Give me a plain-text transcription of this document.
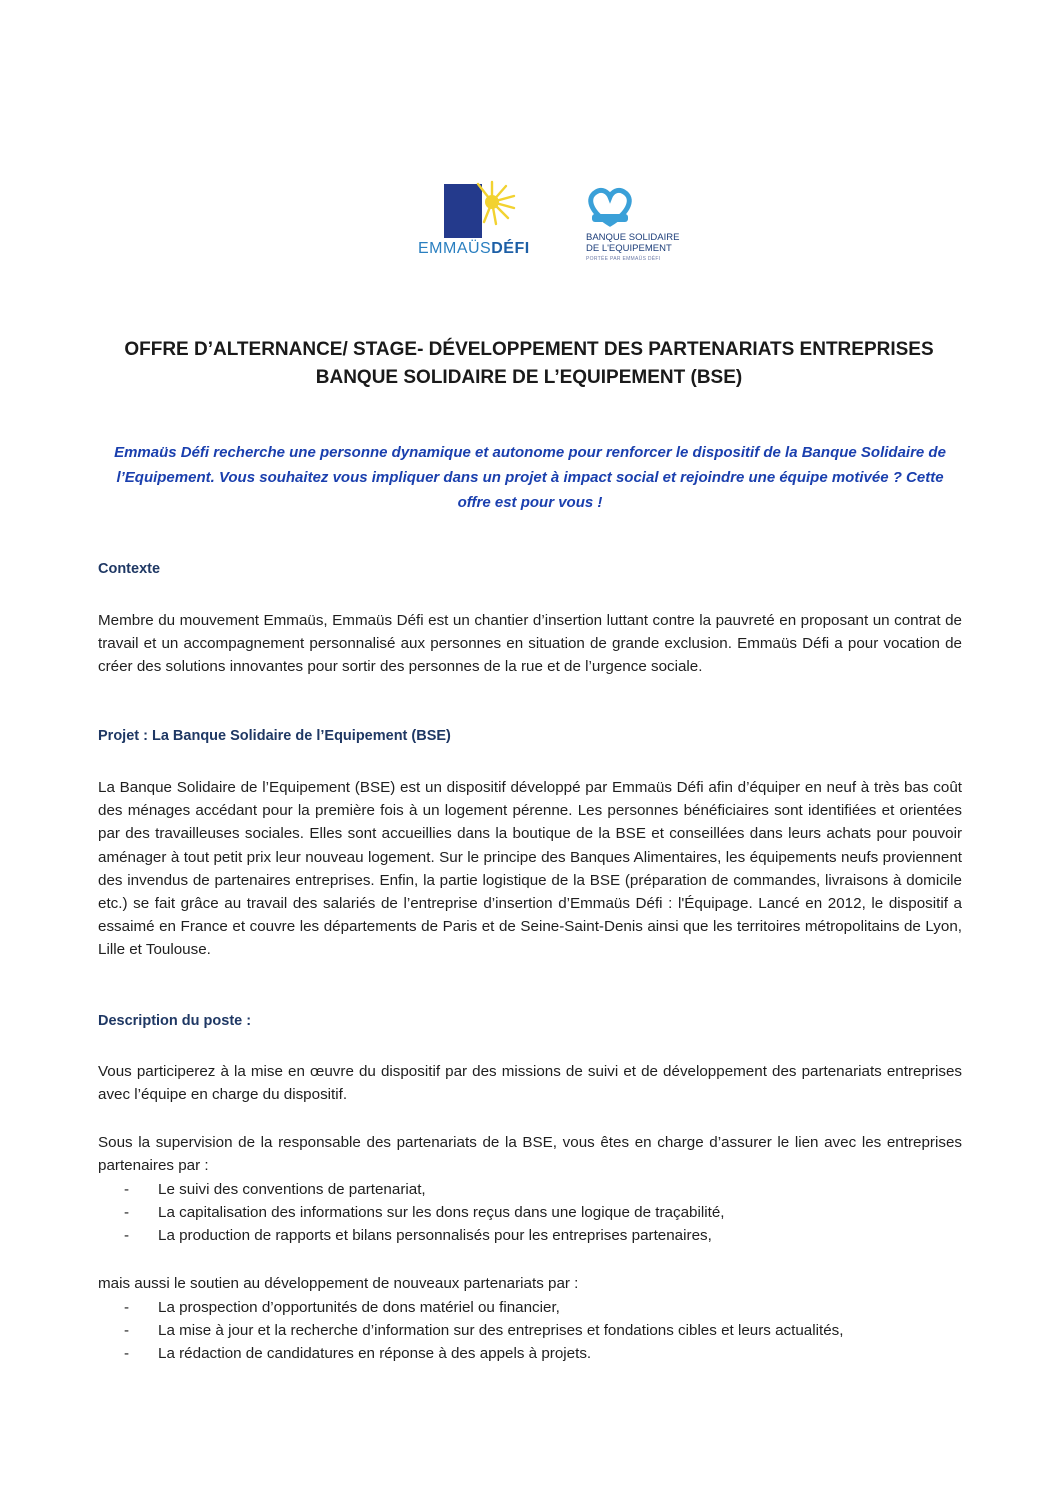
EMMAÜSDÉFI
BANQUE SOLIDAIRE
DE L'EQUIPEMENT
PORTÉE PAR EMMAÜS DÉFI
OFFRE D’ALTERNANCE/ STAGE- DÉVELOPPEMENT DES PARTENARIATS ENTREPRISES
BANQUE SOLIDAIRE DE L’EQUIPEMENT (BSE)
Emmaüs Défi recherche une personne dynamique et autonome pour renforcer le dispositif de la Banque Solidaire de l’Equipement. Vous souhaitez vous impliquer dans un projet à impact social et rejoindre une équipe motivée ? Cette offre est pour vous !
Contexte
Membre du mouvement Emmaüs, Emmaüs Défi est un chantier d’insertion luttant contre la pauvreté en proposant un contrat de travail et un accompagnement personnalisé aux personnes en situation de grande exclusion. Emmaüs Défi a pour vocation de créer des solutions innovantes pour sortir des personnes de la rue et de l’urgence sociale.
Projet : La Banque Solidaire de l’Equipement (BSE)
La Banque Solidaire de l’Equipement (BSE) est un dispositif développé par Emmaüs Défi afin d’équiper en neuf à très bas coût des ménages accédant pour la première fois à un logement pérenne. Les personnes bénéficiaires sont identifiées et orientées par des travailleuses sociales. Elles sont accueillies dans la boutique de la BSE et conseillées dans leurs achats pour pouvoir aménager à tout petit prix leur nouveau logement. Sur le principe des Banques Alimentaires, les équipements neufs proviennent des invendus de partenaires entreprises. Enfin, la partie logistique de la BSE (préparation de commandes, livraisons à domicile etc.) se fait grâce au travail des salariés de l’entreprise d’insertion d’Emmaüs Défi : l'Équipage. Lancé en 2012, le dispositif a essaimé en France et couvre les départements de Paris et de Seine-Saint-Denis ainsi que les territoires métropolitains de Lyon, Lille et Toulouse.
Description du poste :
Vous participerez à la mise en œuvre du dispositif par des missions de suivi et de développement des partenariats entreprises avec l’équipe en charge du dispositif.
Sous la supervision de la responsable des partenariats de la BSE, vous êtes en charge d’assurer le lien avec les entreprises partenaires par :
- Le suivi des conventions de partenariat,
- La capitalisation des informations sur les dons reçus dans une logique de traçabilité,
- La production de rapports et bilans personnalisés pour les entreprises partenaires,
mais aussi le soutien au développement de nouveaux partenariats par :
- La prospection d’opportunités de dons matériel ou financier,
- La mise à jour et la recherche d’information sur des entreprises et fondations cibles et leurs actualités,
- La rédaction de candidatures en réponse à des appels à projets.
